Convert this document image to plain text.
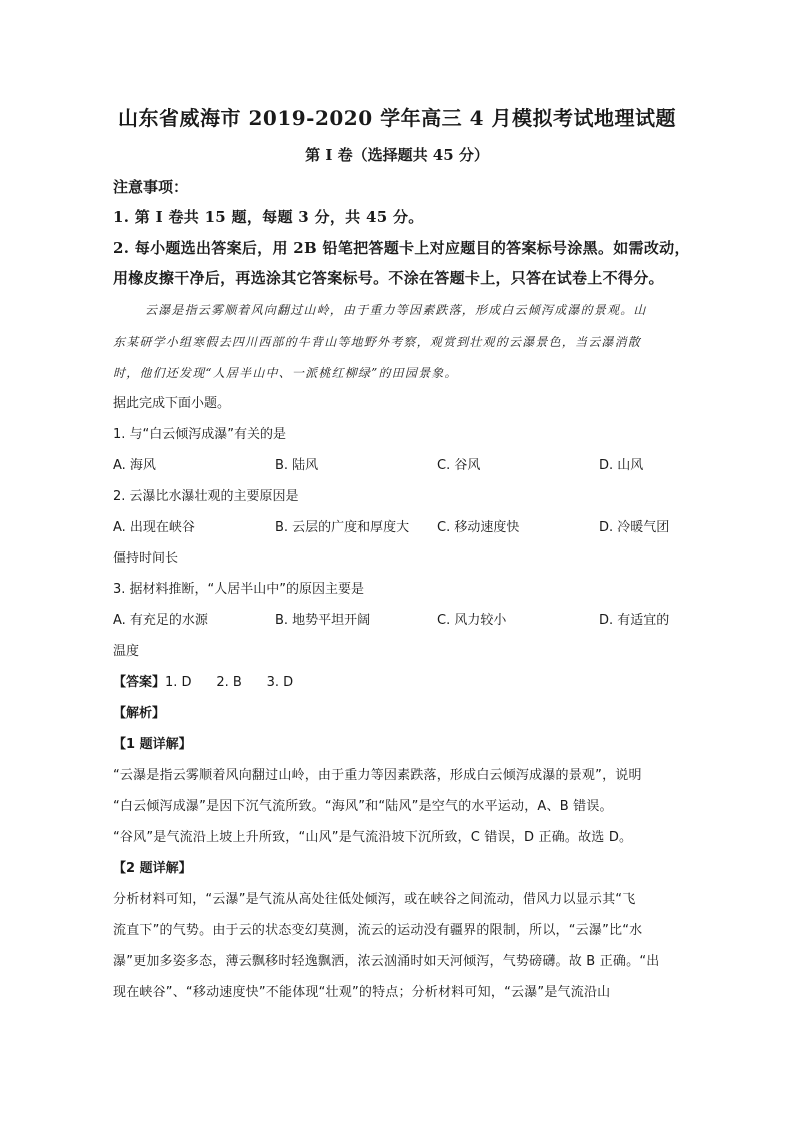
山东省威海市 2019-2020 学年高三 4 月模拟考试地理试题
第 I 卷（选择题共 45 分）
注意事项：
1. 第 I 卷共 15 题，每题 3 分，共 45 分。
2. 每小题选出答案后，用 2B 铅笔把答题卡上对应题目的答案标号涂黑。如需改动，
用橡皮擦干净后，再选涂其它答案标号。不涂在答题卡上，只答在试卷上不得分。
云瀑是指云雾顺着风向翻过山岭，由于重力等因素跌落，形成白云倾泻成瀑的景观。山
东某研学小组寒假去四川西部的牛背山等地野外考察，观赏到壮观的云瀑景色，当云瀑消散
时，他们还发现“人居半山中、一派桃红柳绿”的田园景象。
据此完成下面小题。
1. 与“白云倾泻成瀑”有关的是
A. 海风	B. 陆风	C. 谷风	D. 山风
2. 云瀑比水瀑壮观的主要原因是
A. 出现在峡谷	B. 云层的广度和厚度大 C. 移动速度快	D. 冷暖气团
僵持时间长
3. 据材料推断，“人居半山中”的原因主要是
A. 有充足的水源	B. 地势平坦开阔	C. 风力较小	D. 有适宜的
温度
【答案】1. D      2. B      3. D
【解析】
【1 题详解】
“云瀑是指云雾顺着风向翻过山岭，由于重力等因素跌落，形成白云倾泻成瀑的景观”，说明
“白云倾泻成瀑”是因下沉气流所致。“海风”和“陆风”是空气的水平运动，A、B 错误。
“谷风”是气流沿上坡上升所致，“山风”是气流沿坡下沉所致，C 错误，D 正确。故选 D。
【2 题详解】
分析材料可知，“云瀑”是气流从高处往低处倾泻，或在峡谷之间流动，借风力以显示其“飞
流直下”的气势。由于云的状态变幻莫测，流云的运动没有疆界的限制，所以，“云瀑”比“水
瀑”更加多姿多态，薄云飘移时轻逸飘洒，浓云汹涌时如天河倾泻，气势磅礴。故 B 正确。“出
现在峡谷”、“移动速度快”不能体现“壮观”的特点；分析材料可知，“云瀑”是气流沿山
